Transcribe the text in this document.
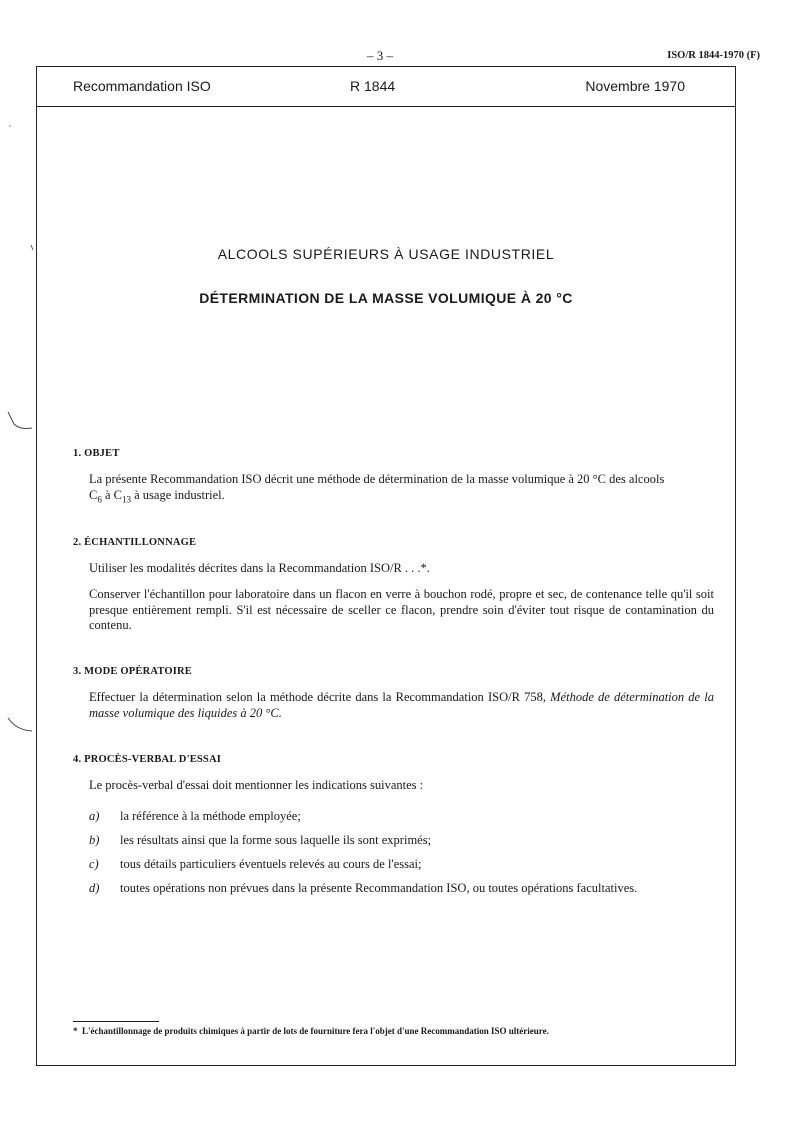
– 3 –	ISO/R 1844-1970 (F)
Recommandation ISO	R 1844	Novembre 1970
ALCOOLS SUPÉRIEURS À USAGE INDUSTRIEL
DÉTERMINATION DE LA MASSE VOLUMIQUE À 20 °C
1. OBJET
La présente Recommandation ISO décrit une méthode de détermination de la masse volumique à 20 °C des alcools
$C_6$ à $C_{13}$ à usage industriel.
2. ÉCHANTILLONNAGE
Utiliser les modalités décrites dans la Recommandation ISO/R . . .*.
Conserver l'échantillon pour laboratoire dans un flacon en verre à bouchon rodé, propre et sec, de contenance telle qu'il soit presque entièrement rempli. S'il est nécessaire de sceller ce flacon, prendre soin d'éviter tout risque de contamination du contenu.
3. MODE OPÉRATOIRE
Effectuer la détermination selon la méthode décrite dans la Recommandation ISO/R 758, Méthode de détermination de la masse volumique des liquides à 20 °C.
4. PROCÈS-VERBAL D'ESSAI
Le procès-verbal d'essai doit mentionner les indications suivantes :
a) la référence à la méthode employée;
b) les résultats ainsi que la forme sous laquelle ils sont exprimés;
c) tous détails particuliers éventuels relevés au cours de l'essai;
d) toutes opérations non prévues dans la présente Recommandation ISO, ou toutes opérations facultatives.
* L'échantillonnage de produits chimiques à partir de lots de fourniture fera l'objet d'une Recommandation ISO ultérieure.
